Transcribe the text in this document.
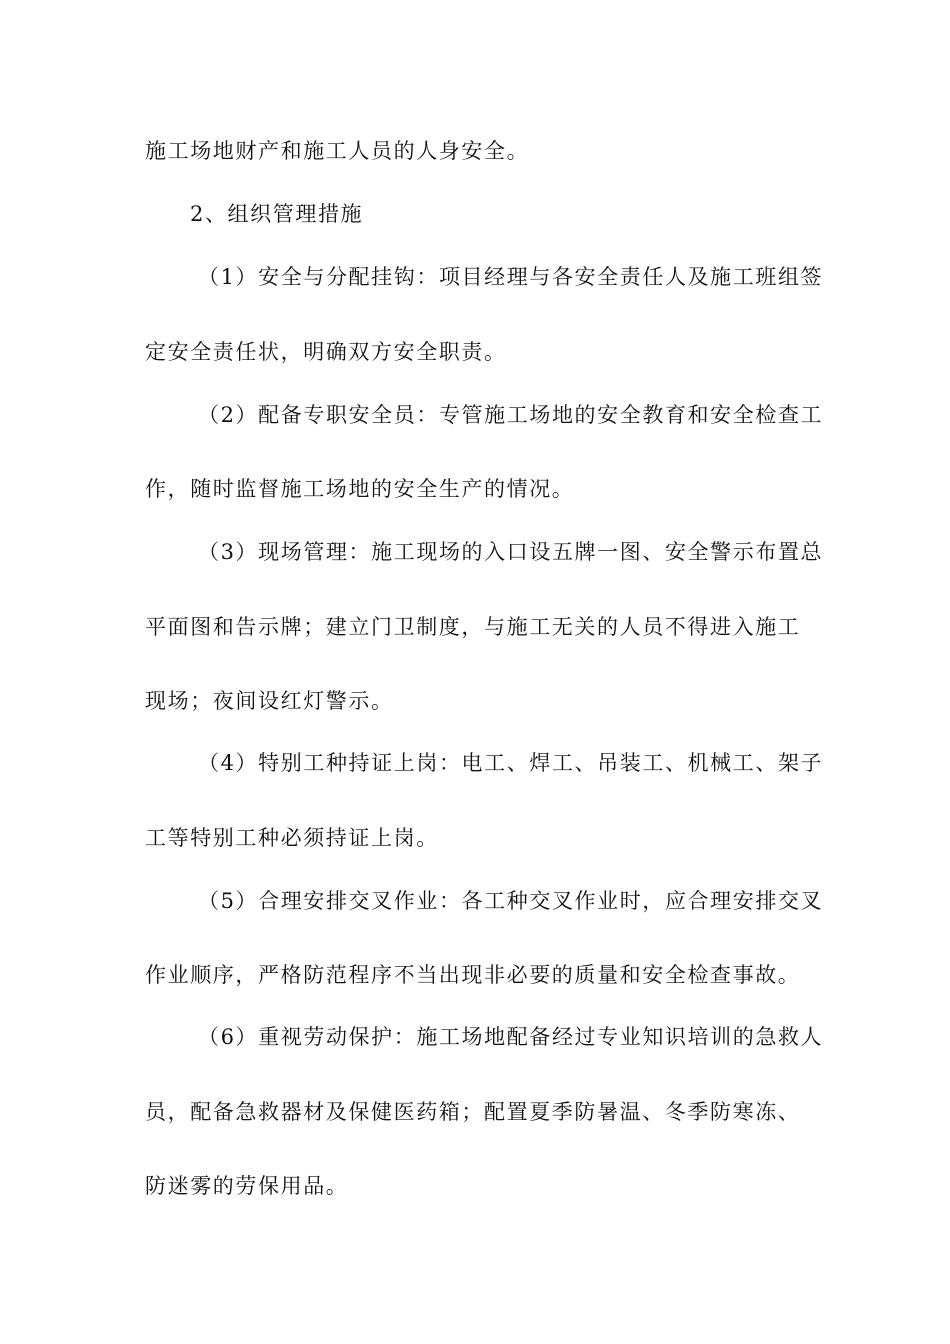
施工场地财产和施工人员的人身安全。
2、组织管理措施
（1）安全与分配挂钩：项目经理与各安全责任人及施工班组签
定安全责任状，明确双方安全职责。
（2）配备专职安全员：专管施工场地的安全教育和安全检查工
作，随时监督施工场地的安全生产的情况。
（3）现场管理：施工现场的入口设五牌一图、安全警示布置总
平面图和告示牌；建立门卫制度，与施工无关的人员不得进入施工
现场；夜间设红灯警示。
（4）特别工种持证上岗：电工、焊工、吊装工、机械工、架子
工等特别工种必须持证上岗。
（5）合理安排交叉作业：各工种交叉作业时，应合理安排交叉
作业顺序，严格防范程序不当出现非必要的质量和安全检查事故。
（6）重视劳动保护：施工场地配备经过专业知识培训的急救人
员，配备急救器材及保健医药箱；配置夏季防暑温、冬季防寒冻、
防迷雾的劳保用品。
